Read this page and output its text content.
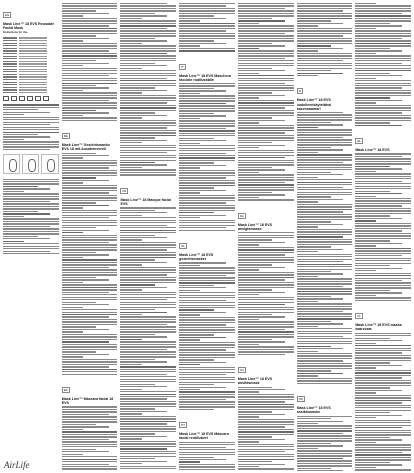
EN
Mask Line™ 18 EVS Reusable Facial Mask
Instructions for Use
DE
Mask Line™ Gesichtsmaske EVS 18 mit Ausatemventil
ES
Mask Line™ Máscara facial 18 EVS
FR
Mask Line™ 18 Masque facial EVS
IT
Mask Line™ 18 EVS Maschera facciale riutilizzabile
NL
Mask Line™ 18 EVS gezichtsmasker
PT
Mask Line™ 18 EVS Máscara facial reutilizável
DA
Mask Line™ 18 EVS ansigtsmaske
SV
Mask Line™ 18 EVS ansiktsmask
FI
Mask Line™ 18 EVS uudelleenkäytettävä kasvonaamari
NO
Mask Line™ 18 EVS ansiktsmaske
EL
Mask Line™ 18 EVS
PL
Mask Line™ 18 EVS maska twarzowa
AirLife
